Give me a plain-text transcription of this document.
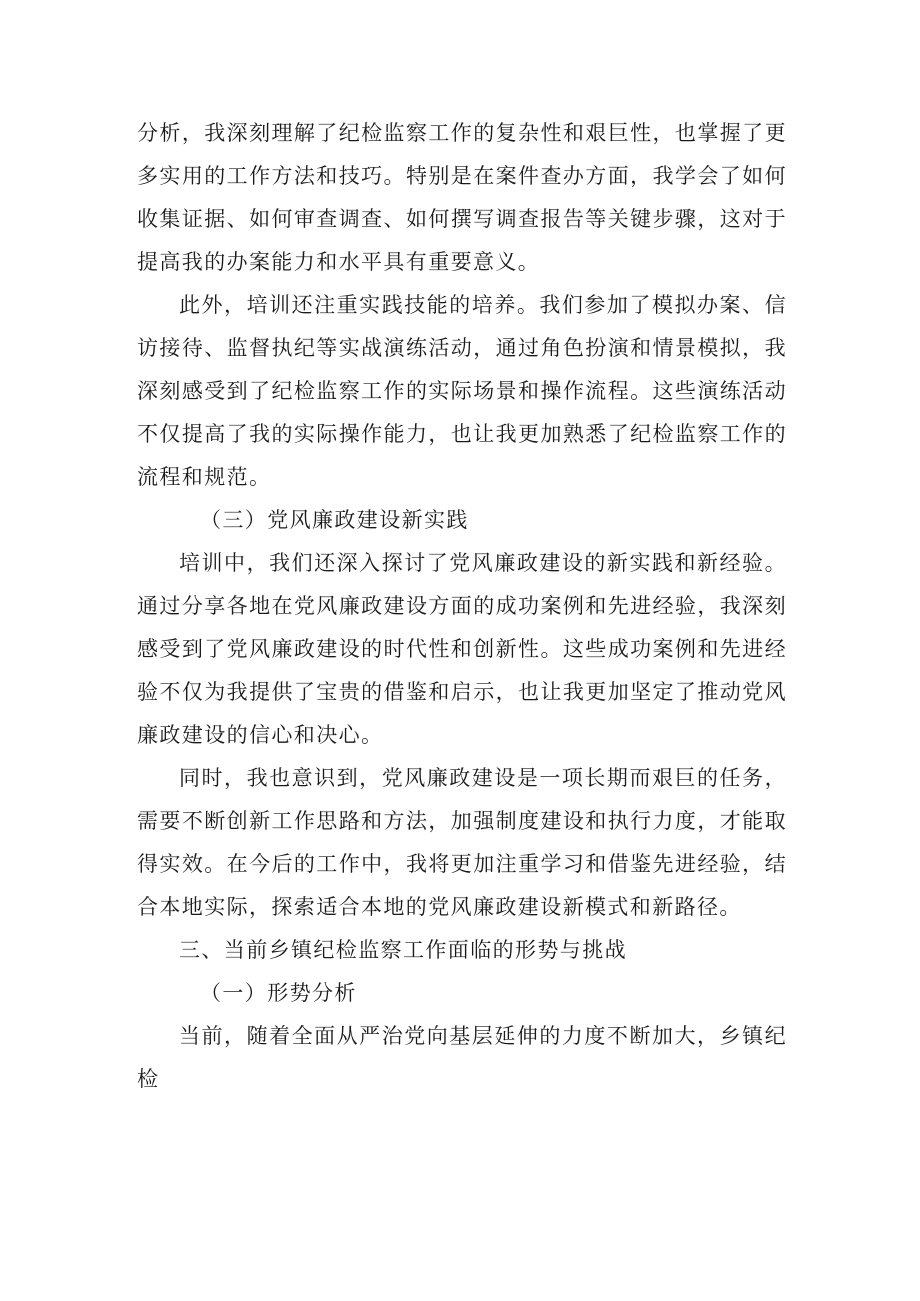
分析，我深刻理解了纪检监察工作的复杂性和艰巨性，也掌握了更多实用的工作方法和技巧。特别是在案件查办方面，我学会了如何收集证据、如何审查调查、如何撰写调查报告等关键步骤，这对于提高我的办案能力和水平具有重要意义。

此外，培训还注重实践技能的培养。我们参加了模拟办案、信访接待、监督执纪等实战演练活动，通过角色扮演和情景模拟，我深刻感受到了纪检监察工作的实际场景和操作流程。这些演练活动不仅提高了我的实际操作能力，也让我更加熟悉了纪检监察工作的流程和规范。

（三）党风廉政建设新实践

培训中，我们还深入探讨了党风廉政建设的新实践和新经验。通过分享各地在党风廉政建设方面的成功案例和先进经验，我深刻感受到了党风廉政建设的时代性和创新性。这些成功案例和先进经验不仅为我提供了宝贵的借鉴和启示，也让我更加坚定了推动党风廉政建设的信心和决心。

同时，我也意识到，党风廉政建设是一项长期而艰巨的任务，需要不断创新工作思路和方法，加强制度建设和执行力度，才能取得实效。在今后的工作中，我将更加注重学习和借鉴先进经验，结合本地实际，探索适合本地的党风廉政建设新模式和新路径。

三、当前乡镇纪检监察工作面临的形势与挑战

（一）形势分析

当前，随着全面从严治党向基层延伸的力度不断加大，乡镇纪检
